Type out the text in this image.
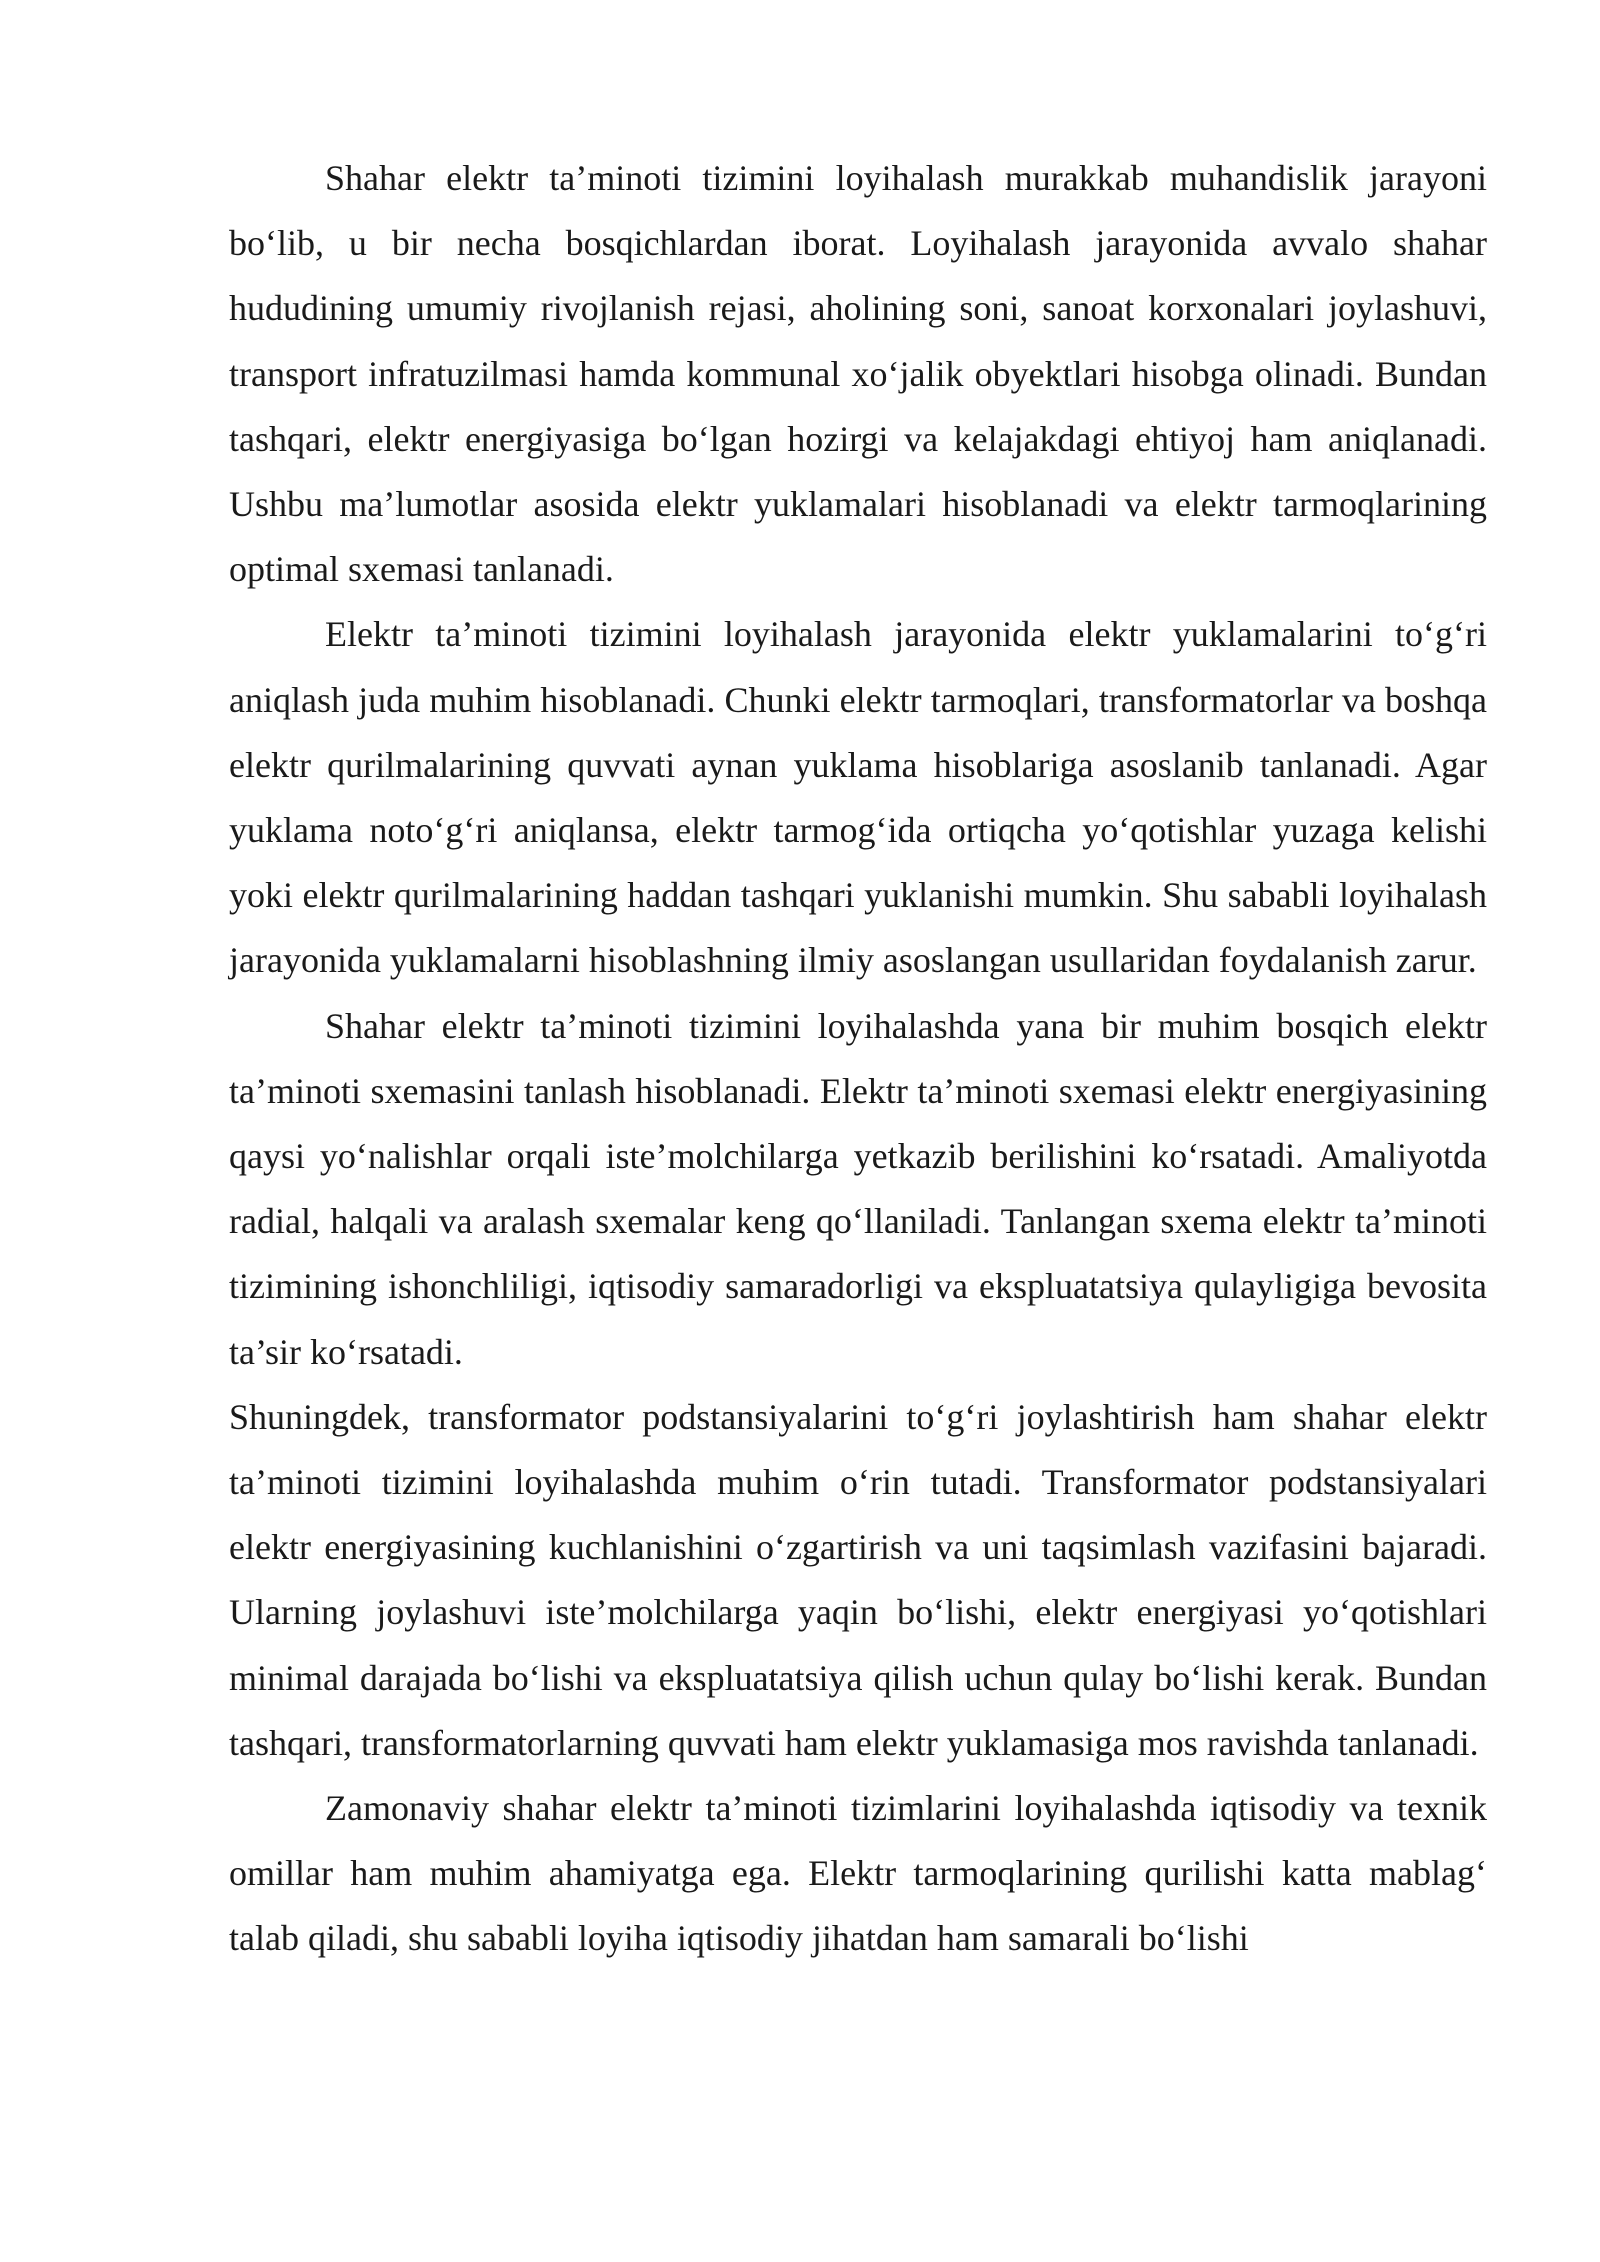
Shahar elektr ta’minoti tizimini loyihalash murakkab muhandislik jarayoni bo‘lib, u bir necha bosqichlardan iborat. Loyihalash jarayonida avvalo shahar hududining umumiy rivojlanish rejasi, aholining soni, sanoat korxonalari joylashuvi, transport infratuzilmasi hamda kommunal xo‘jalik obyektlari hisobga olinadi. Bundan tashqari, elektr energiyasiga bo‘lgan hozirgi va kelajakdagi ehtiyoj ham aniqlanadi. Ushbu ma’lumotlar asosida elektr yuklamalari hisoblanadi va elektr tarmoqlarining optimal sxemasi tanlanadi.

Elektr ta’minoti tizimini loyihalash jarayonida elektr yuklamalarini to‘g‘ri aniqlash juda muhim hisoblanadi. Chunki elektr tarmoqlari, transformatorlar va boshqa elektr qurilmalarining quvvati aynan yuklama hisoblariga asoslanib tanlanadi. Agar yuklama noto‘g‘ri aniqlansa, elektr tarmog‘ida ortiqcha yo‘qotishlar yuzaga kelishi yoki elektr qurilmalarining haddan tashqari yuklanishi mumkin. Shu sababli loyihalash jarayonida yuklamalarni hisoblashning ilmiy asoslangan usullaridan foydalanish zarur.

Shahar elektr ta’minoti tizimini loyihalashda yana bir muhim bosqich elektr ta’minoti sxemasini tanlash hisoblanadi. Elektr ta’minoti sxemasi elektr energiyasining qaysi yo‘nalishlar orqali iste’molchilarga yetkazib berilishini ko‘rsatadi. Amaliyotda radial, halqali va aralash sxemalar keng qo‘llaniladi. Tanlangan sxema elektr ta’minoti tizimining ishonchliligi, iqtisodiy samaradorligi va ekspluatatsiya qulayligiga bevosita ta’sir ko‘rsatadi.

Shuningdek, transformator podstansiyalarini to‘g‘ri joylashtirish ham shahar elektr ta’minoti tizimini loyihalashda muhim o‘rin tutadi. Transformator podstansiyalari elektr energiyasining kuchlanishini o‘zgartirish va uni taqsimlash vazifasini bajaradi. Ularning joylashuvi iste’molchilarga yaqin bo‘lishi, elektr energiyasi yo‘qotishlari minimal darajada bo‘lishi va ekspluatatsiya qilish uchun qulay bo‘lishi kerak. Bundan tashqari, transformatorlarning quvvati ham elektr yuklamasiga mos ravishda tanlanadi.

Zamonaviy shahar elektr ta’minoti tizimlarini loyihalashda iqtisodiy va texnik omillar ham muhim ahamiyatga ega. Elektr tarmoqlarining qurilishi katta mablag‘ talab qiladi, shu sababli loyiha iqtisodiy jihatdan ham samarali bo‘lishi
